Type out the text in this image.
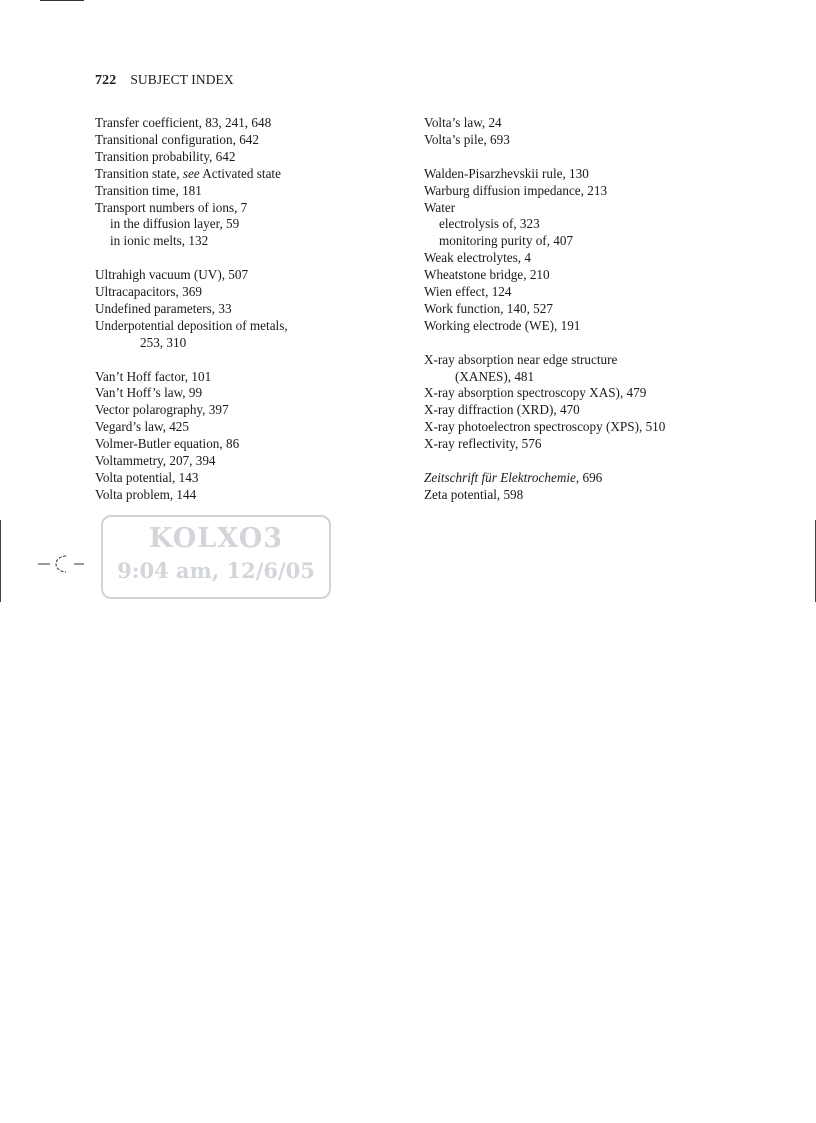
722 SUBJECT INDEX
Transfer coefficient, 83, 241, 648
Transitional configuration, 642
Transition probability, 642
Transition state, see Activated state
Transition time, 181
Transport numbers of ions, 7
in the diffusion layer, 59
in ionic melts, 132
Ultrahigh vacuum (UV), 507
Ultracapacitors, 369
Undefined parameters, 33
Underpotential deposition of metals,
253, 310
Van’t Hoff factor, 101
Van’t Hoff’s law, 99
Vector polarography, 397
Vegard’s law, 425
Volmer-Butler equation, 86
Voltammetry, 207, 394
Volta potential, 143
Volta problem, 144
Volta’s law, 24
Volta’s pile, 693
Walden-Pisarzhevskii rule, 130
Warburg diffusion impedance, 213
Water
electrolysis of, 323
monitoring purity of, 407
Weak electrolytes, 4
Wheatstone bridge, 210
Wien effect, 124
Work function, 140, 527
Working electrode (WE), 191
X-ray absorption near edge structure
(XANES), 481
X-ray absorption spectroscopy XAS), 479
X-ray diffraction (XRD), 470
X-ray photoelectron spectroscopy (XPS), 510
X-ray reflectivity, 576
Zeitschrift für Elektrochemie, 696
Zeta potential, 598
KOLXO3
9:04 am, 12/6/05
